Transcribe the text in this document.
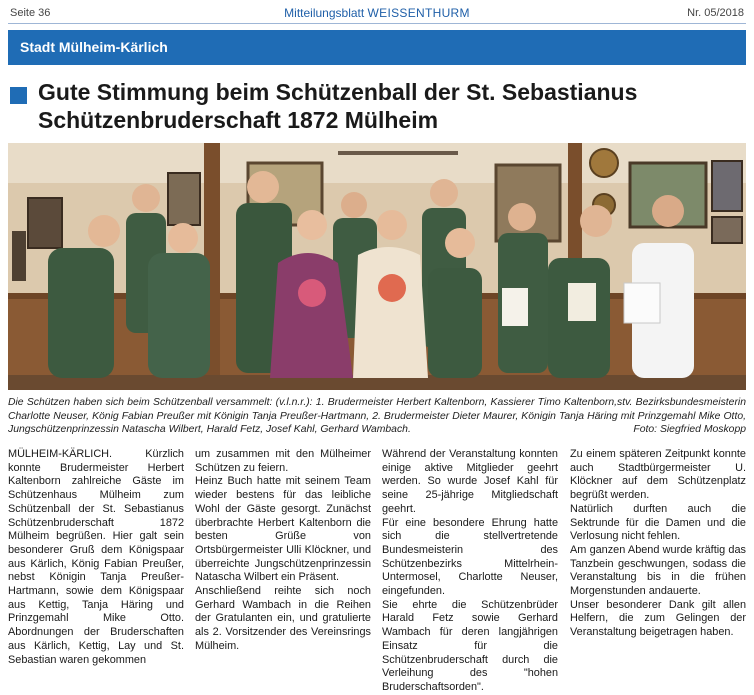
Seite 36	Mitteilungsblatt WEISSENTHURM	Nr. 05/2018
Stadt Mülheim-Kärlich
Gute Stimmung beim Schützenball der St. Sebastianus
Schützenbruderschaft 1872 Mülheim
Die Schützen haben sich beim Schützenball versammelt: (v.l.n.r.): 1. Brudermeister Herbert Kaltenborn, Kassierer Timo Kaltenborn,stv. Bezirksbundesmeisterin Charlotte Neuser, König Fabian Preußer mit Königin Tanja Preußer-Hartmann, 2. Brudermeister Dieter Maurer, Königin Tanja Häring mit Prinzgemahl Mike Otto, Jungschützenprinzessin Natascha Wilbert, Harald Fetz, Josef Kahl, Gerhard Wambach.	Foto: Siegfried Moskopp

MÜLHEIM-KÄRLICH. Kürzlich konnte Brudermeister Herbert Kaltenborn zahlreiche Gäste im Schützenhaus Mülheim zum Schützenball der St. Sebastianus Schützenbruderschaft 1872 Mülheim begrüßen. Hier galt sein besonderer Gruß dem Königspaar aus Kärlich, König Fabian Preußer, nebst Königin Tanja Preußer-Hartmann, sowie dem Königspaar aus Kettig, Tanja Häring und Prinzgemahl Mike Otto. Abordnungen der Bruderschaften aus Kärlich, Kettig, Lay und St. Sebastian waren gekommen

um zusammen mit den Mülheimer Schützen zu feiern.

Heinz Buch hatte mit seinem Team wieder bestens für das leibliche Wohl der Gäste gesorgt. Zunächst überbrachte Herbert Kaltenborn die besten Grüße von Ortsbürgermeister Ulli Klöckner, und überreichte Jungschützenprinzessin Natascha Wilbert ein Präsent.

Anschließend reihte sich noch Gerhard Wambach in die Reihen der Gratulanten ein, und gratulierte als 2. Vorsitzender des Vereinsrings Mülheim.

Während der Veranstaltung konnten einige aktive Mitglieder geehrt werden. So wurde Josef Kahl für seine 25-jährige Mitgliedschaft geehrt.

Für eine besondere Ehrung hatte sich die stellvertretende Bundesmeisterin des Schützenbezirks Mittelrhein-Untermosel, Charlotte Neuser, eingefunden.

Sie ehrte die Schützenbrüder Harald Fetz sowie Gerhard Wambach für deren langjährigen Einsatz für die Schützenbruderschaft durch die Verleihung des "hohen Bruderschaftsorden".

Zu einem späteren Zeitpunkt konnte auch Stadtbürgermeister U. Klöckner auf dem Schützenplatz begrüßt werden.

Natürlich durften auch die Sektrunde für die Damen und die Verlosung nicht fehlen.

Am ganzen Abend wurde kräftig das Tanzbein geschwungen, sodass die Veranstaltung bis in die frühen Morgenstunden andauerte.

Unser besonderer Dank gilt allen Helfern, die zum Gelingen der Veranstaltung beigetragen haben.
